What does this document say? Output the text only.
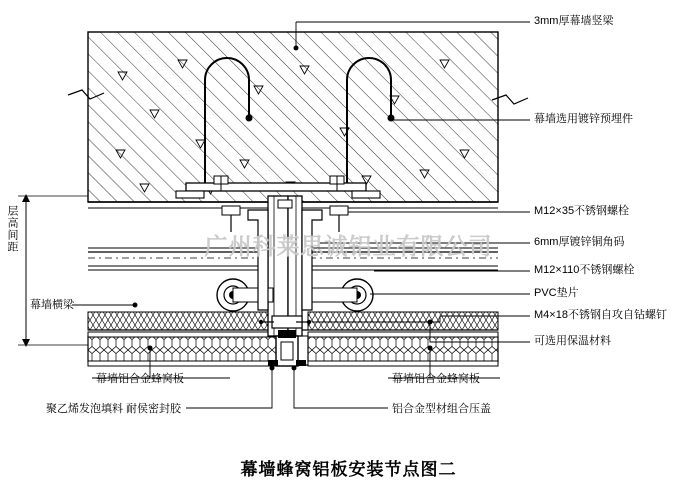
广州科莱思诚铝业有限公司
3mm厚幕墙竖梁
幕墙选用镀锌预埋件
M12×35不锈钢螺栓
6mm厚镀锌铜角码
M12×110不锈钢螺栓
PVC垫片
M4×18不锈钢自攻自钻螺钉
可选用保温材料
幕墙铝合金蜂窝板	幕墙铝合金蜂窝板
聚乙烯发泡填料 耐侯密封胶	铝合金型材组合压盖
幕墙横梁
层高间距
幕墙蜂窝铝板安装节点图二
